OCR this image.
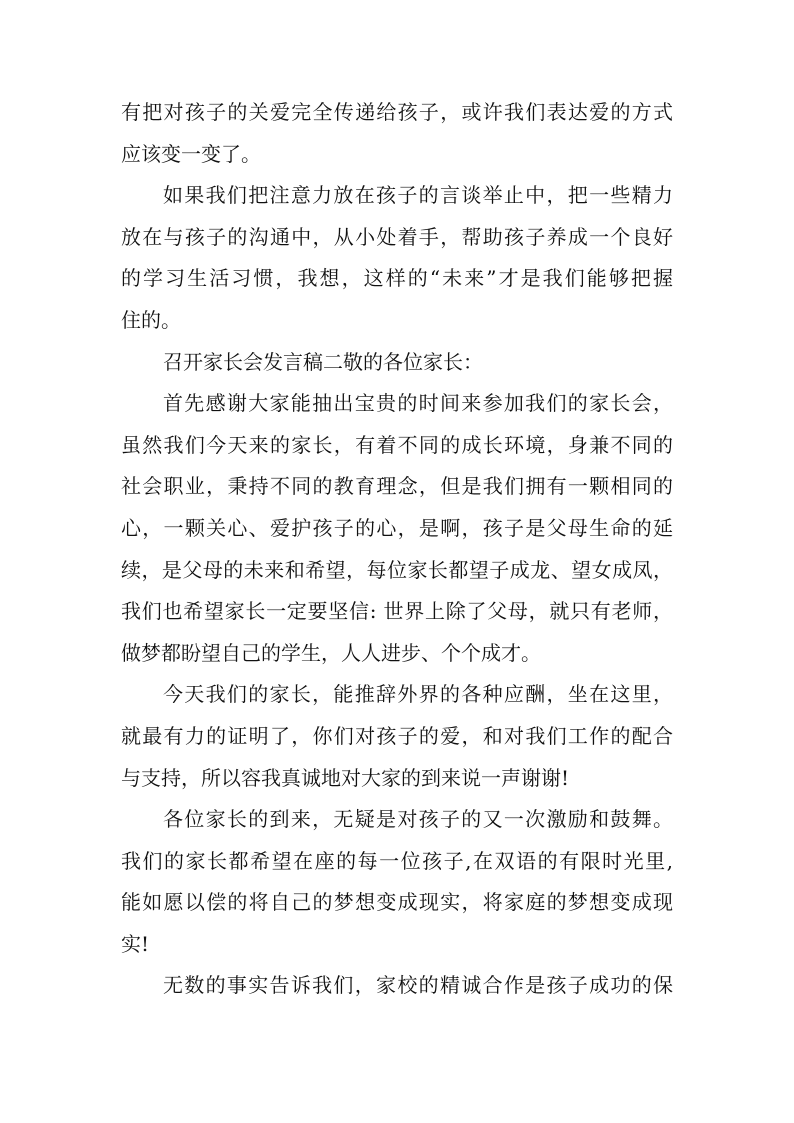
有把对孩子的关爱完全传递给孩子，或许我们表达爱的方式
应该变一变了。
如果我们把注意力放在孩子的言谈举止中，把一些精力
放在与孩子的沟通中，从小处着手，帮助孩子养成一个良好
的学习生活习惯，我想，这样的“未来”才是我们能够把握
住的。
召开家长会发言稿二敬的各位家长：
首先感谢大家能抽出宝贵的时间来参加我们的家长会，
虽然我们今天来的家长，有着不同的成长环境，身兼不同的
社会职业，秉持不同的教育理念，但是我们拥有一颗相同的
心，一颗关心、爱护孩子的心，是啊，孩子是父母生命的延
续，是父母的未来和希望，每位家长都望子成龙、望女成凤，
我们也希望家长一定要坚信: 世界上除了父母，就只有老师，
做梦都盼望自己的学生，人人进步、个个成才。
今天我们的家长，能推辞外界的各种应酬，坐在这里，
就最有力的证明了，你们对孩子的爱，和对我们工作的配合
与支持，所以容我真诚地对大家的到来说一声谢谢!
各位家长的到来，无疑是对孩子的又一次激励和鼓舞。
我们的家长都希望在座的每一位孩子,在双语的有限时光里,
能如愿以偿的将自己的梦想变成现实，将家庭的梦想变成现
实!
无数的事实告诉我们，家校的精诚合作是孩子成功的保
